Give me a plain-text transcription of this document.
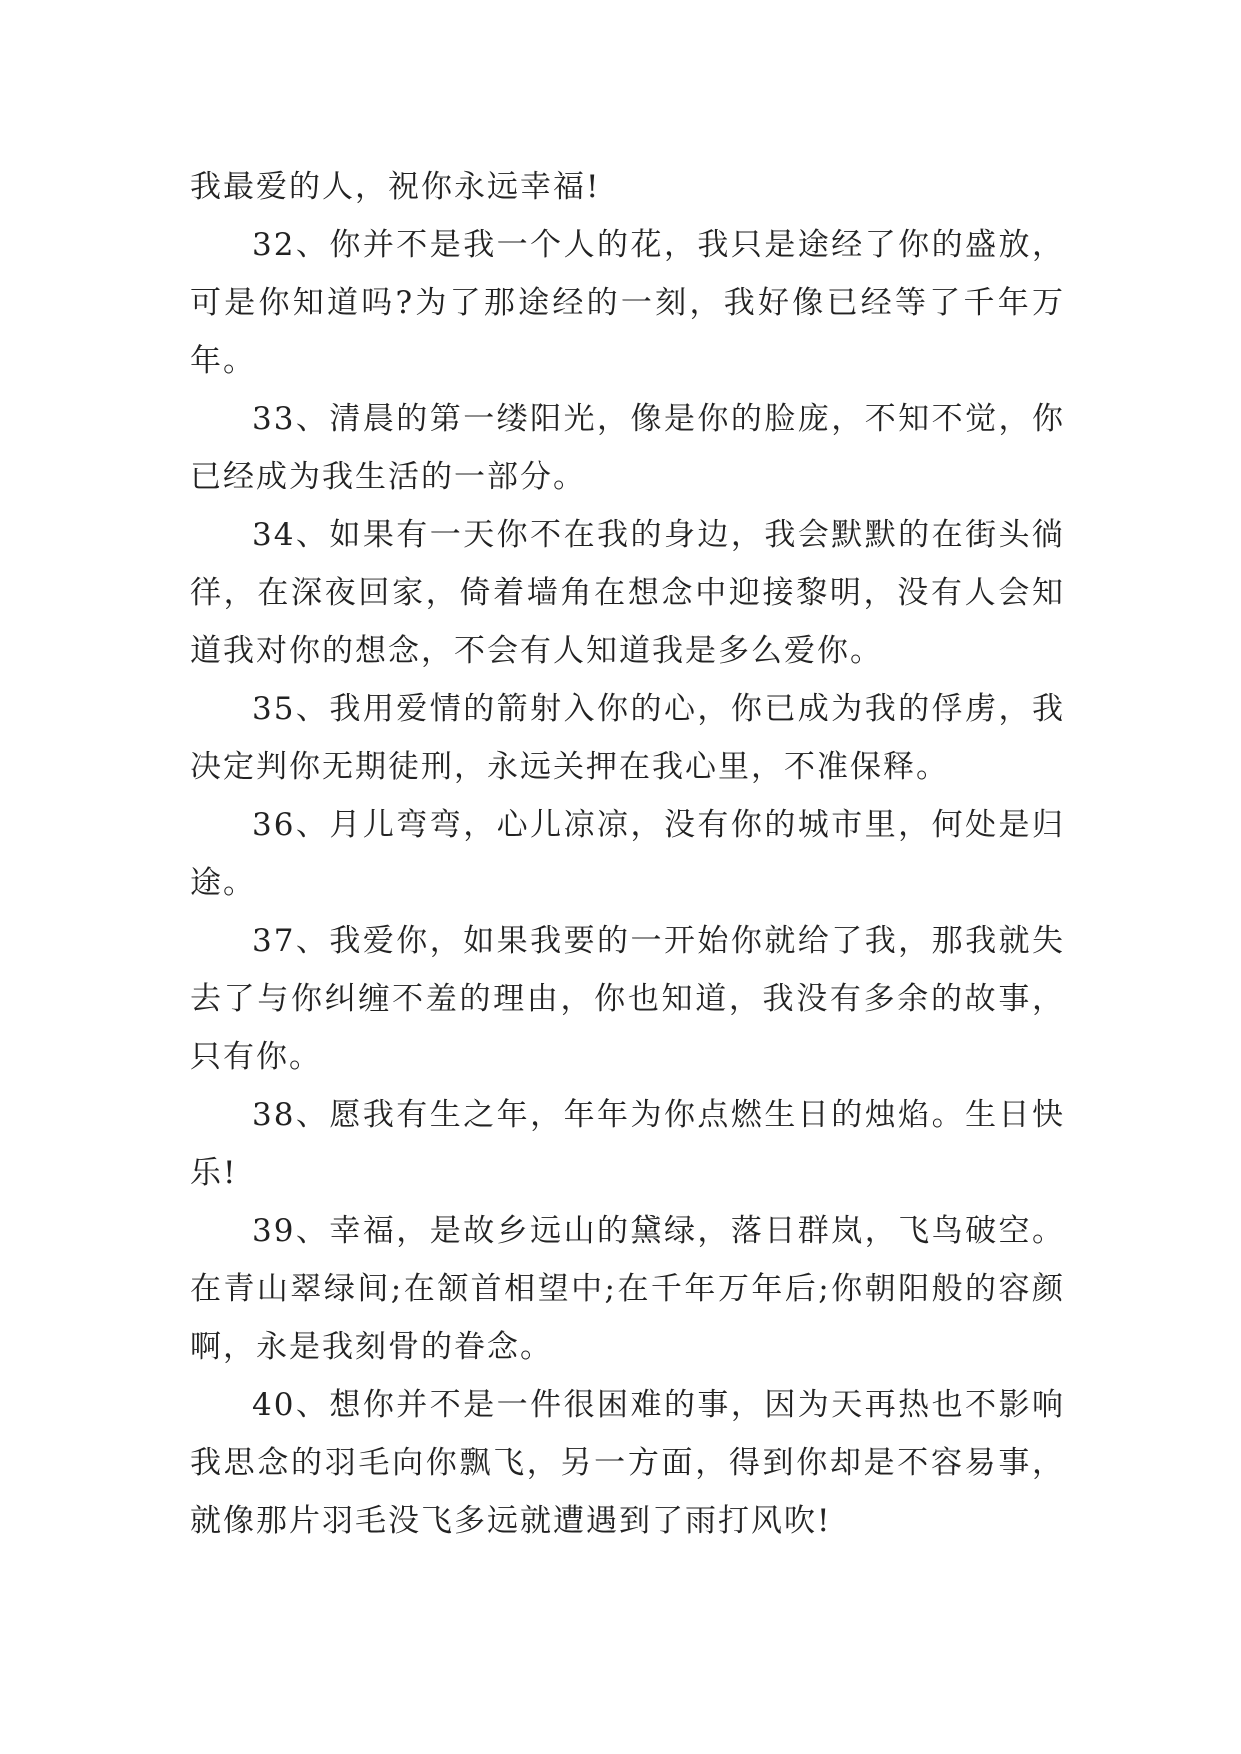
我最爱的人，祝你永远幸福!

32、你并不是我一个人的花，我只是途经了你的盛放，可是你知道吗?为了那途经的一刻，我好像已经等了千年万年。

33、清晨的第一缕阳光，像是你的脸庞，不知不觉，你已经成为我生活的一部分。

34、如果有一天你不在我的身边，我会默默的在街头徜徉，在深夜回家，倚着墙角在想念中迎接黎明，没有人会知道我对你的想念，不会有人知道我是多么爱你。

35、我用爱情的箭射入你的心，你已成为我的俘虏，我决定判你无期徒刑，永远关押在我心里，不准保释。

36、月儿弯弯，心儿凉凉，没有你的城市里，何处是归途。

37、我爱你，如果我要的一开始你就给了我，那我就失去了与你纠缠不羞的理由，你也知道，我没有多余的故事，只有你。

38、愿我有生之年，年年为你点燃生日的烛焰。生日快乐!

39、幸福，是故乡远山的黛绿，落日群岚，飞鸟破空。在青山翠绿间;在颔首相望中;在千年万年后;你朝阳般的容颜啊，永是我刻骨的眷念。

40、想你并不是一件很困难的事，因为天再热也不影响我思念的羽毛向你飘飞，另一方面，得到你却是不容易事，就像那片羽毛没飞多远就遭遇到了雨打风吹!
